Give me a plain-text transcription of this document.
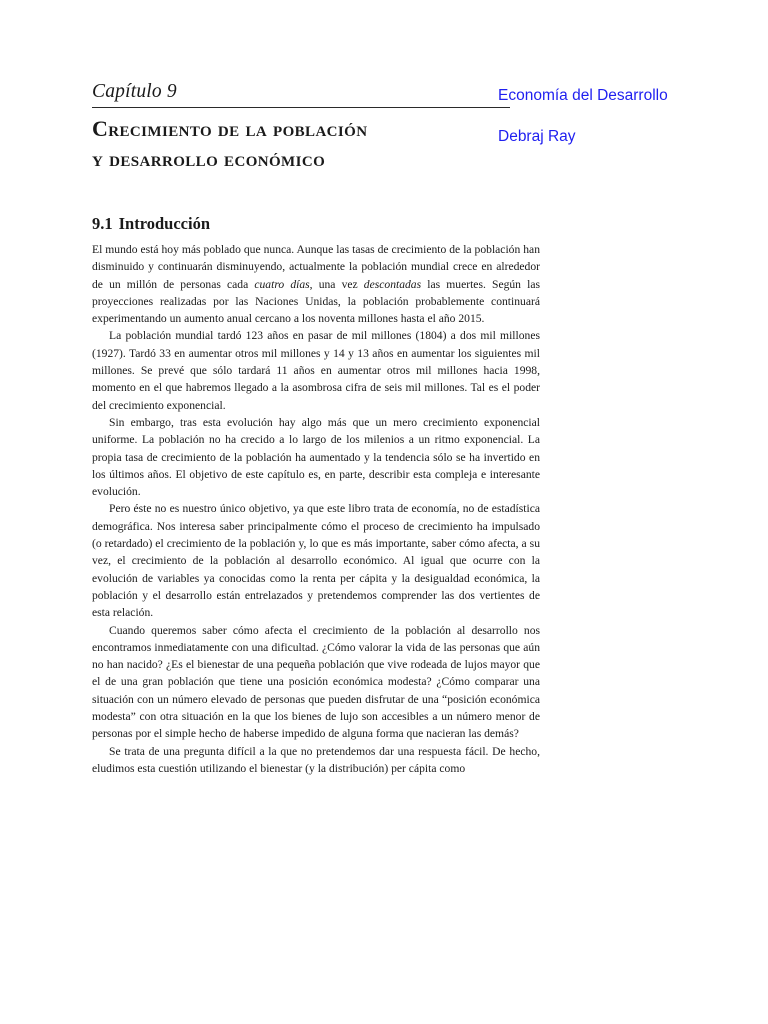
Capítulo 9

Crecimiento de la población
y desarrollo económico

Economía del Desarrollo

Debraj Ray

9.1 Introducción

El mundo está hoy más poblado que nunca. Aunque las tasas de crecimiento de la población han disminuido y continuarán disminuyendo, actualmente la población mundial crece en alrededor de un millón de personas cada cuatro días, una vez descontadas las muertes. Según las proyecciones realizadas por las Naciones Unidas, la población probablemente continuará experimentando un aumento anual cercano a los noventa millones hasta el año 2015.

La población mundial tardó 123 años en pasar de mil millones (1804) a dos mil millones (1927). Tardó 33 en aumentar otros mil millones y 14 y 13 años en aumentar los siguientes mil millones. Se prevé que sólo tardará 11 años en aumentar otros mil millones hacia 1998, momento en el que habremos llegado a la asombrosa cifra de seis mil millones. Tal es el poder del crecimiento exponencial.

Sin embargo, tras esta evolución hay algo más que un mero crecimiento exponencial uniforme. La población no ha crecido a lo largo de los milenios a un ritmo exponencial. La propia tasa de crecimiento de la población ha aumentado y la tendencia sólo se ha invertido en los últimos años. El objetivo de este capítulo es, en parte, describir esta compleja e interesante evolución.

Pero éste no es nuestro único objetivo, ya que este libro trata de economía, no de estadística demográfica. Nos interesa saber principalmente cómo el proceso de crecimiento ha impulsado (o retardado) el crecimiento de la población y, lo que es más importante, saber cómo afecta, a su vez, el crecimiento de la población al desarrollo económico. Al igual que ocurre con la evolución de variables ya conocidas como la renta per cápita y la desigualdad económica, la población y el desarrollo están entrelazados y pretendemos comprender las dos vertientes de esta relación.

Cuando queremos saber cómo afecta el crecimiento de la población al desarrollo nos encontramos inmediatamente con una dificultad. ¿Cómo valorar la vida de las personas que aún no han nacido? ¿Es el bienestar de una pequeña población que vive rodeada de lujos mayor que el de una gran población que tiene una posición económica modesta? ¿Cómo comparar una situación con un número elevado de personas que pueden disfrutar de una “posición económica modesta” con otra situación en la que los bienes de lujo son accesibles a un número menor de personas por el simple hecho de haberse impedido de alguna forma que nacieran las demás?

Se trata de una pregunta difícil a la que no pretendemos dar una respuesta fácil. De hecho, eludimos esta cuestión utilizando el bienestar (y la distribución) per cápita como
